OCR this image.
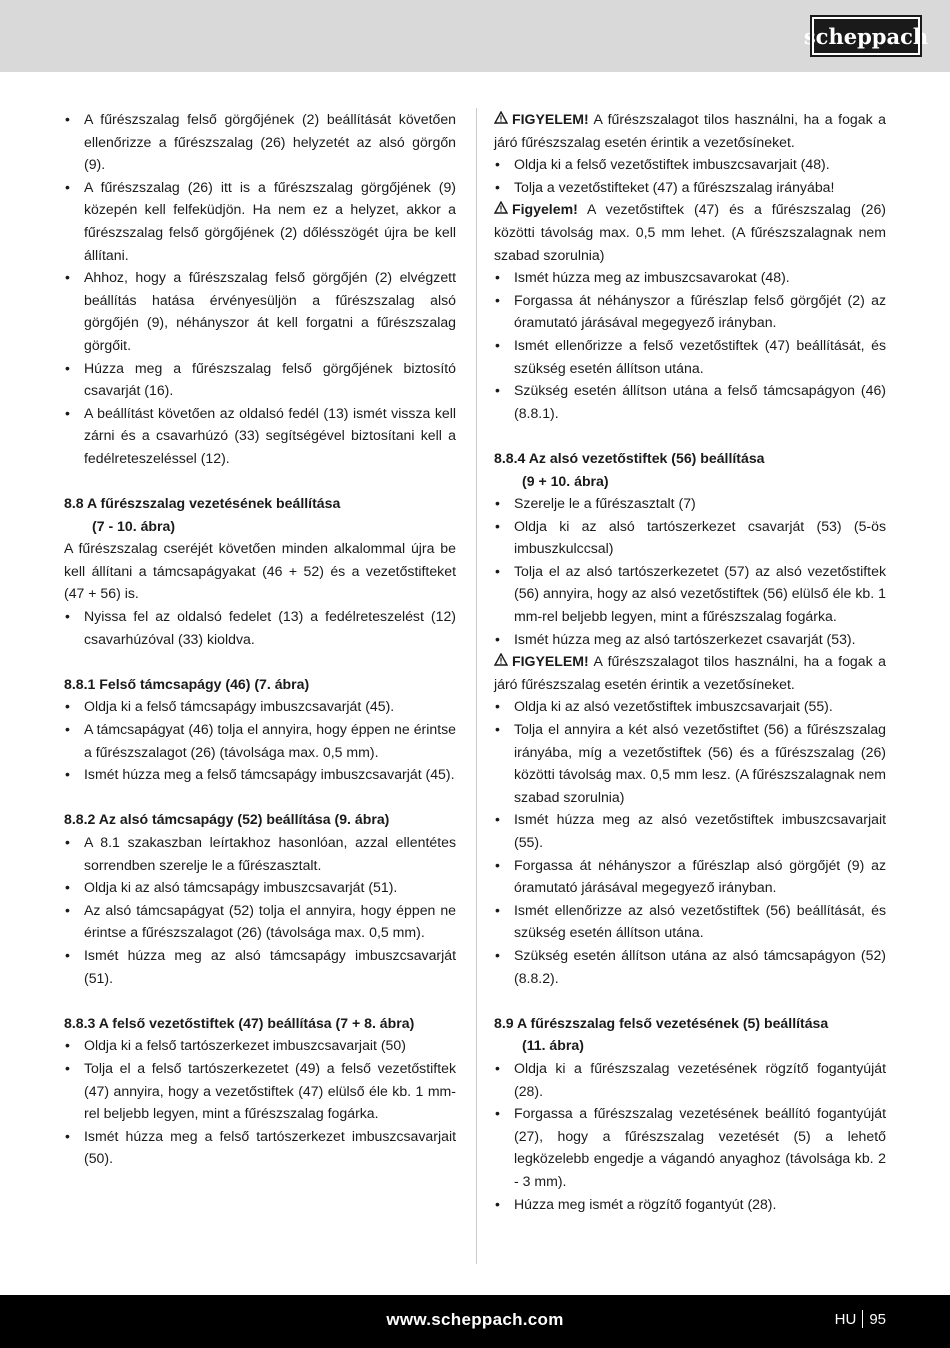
scheppach
• A fűrészszalag felső görgőjének (2) beállítását követően ellenőrizze a fűrészszalag (26) helyzetét az alsó görgőn (9).
• A fűrészszalag (26) itt is a fűrészszalag görgőjének (9) közepén kell felfeküdjön. Ha nem ez a helyzet, akkor a fűrészszalag felső görgőjének (2) dőlésszögét újra be kell állítani.
• Ahhoz, hogy a fűrészszalag felső görgőjén (2) elvégzett beállítás hatása érvényesüljön a fűrészszalag alsó görgőjén (9), néhányszor át kell forgatni a fűrészszalag görgőit.
• Húzza meg a fűrészszalag felső görgőjének biztosító csavarját (16).
• A beállítást követően az oldalsó fedél (13) ismét vissza kell zárni és a csavarhúzó (33) segítségével biztosítani kell a fedélreteszeléssel (12).
8.8 A fűrészszalag vezetésének beállítása
(7 - 10. ábra)

A fűrészszalag cseréjét követően minden alkalommal újra be kell állítani a támcsapágyakat (46 + 52) és a vezetőstifteket (47 + 56) is.

• Nyissa fel az oldalsó fedelet (13) a fedélreteszelést (12) csavarhúzóval (33) kioldva.
8.8.1 Felső támcsapágy (46) (7. ábra)
• Oldja ki a felső támcsapágy imbuszcsavarját (45).
• A támcsapágyat (46) tolja el annyira, hogy éppen ne érintse a fűrészszalagot (26) (távolsága max. 0,5 mm).
• Ismét húzza meg a felső támcsapágy imbuszcsavarját (45).
8.8.2 Az alsó támcsapágy (52) beállítása (9. ábra)
• A 8.1 szakaszban leírtakhoz hasonlóan, azzal ellentétes sorrendben szerelje le a fűrészasztalt.
• Oldja ki az alsó támcsapágy imbuszcsavarját (51).
• Az alsó támcsapágyat (52) tolja el annyira, hogy éppen ne érintse a fűrészszalagot (26) (távolsága max. 0,5 mm).
• Ismét húzza meg az alsó támcsapágy imbuszcsavarját (51).
8.8.3 A felső vezetőstiftek (47) beállítása (7 + 8. ábra)
• Oldja ki a felső tartószerkezet imbuszcsavarjait (50)
• Tolja el a felső tartószerkezetet (49) a felső vezetőstiftek (47) annyira, hogy a vezetőstiftek (47) elülső éle kb. 1 mm-rel beljebb legyen, mint a fűrészszalag fogárka.
• Ismét húzza meg a felső tartószerkezet imbuszcsavarjait (50).

FIGYELEM! A fűrészszalagot tilos használni, ha a fogak a járó fűrészszalag esetén érintik a vezetősíneket.

• Oldja ki a felső vezetőstiftek imbuszcsavarjait (48).
• Tolja a vezetőstifteket (47) a fűrészszalag irányába!

Figyelem! A vezetőstiftek (47) és a fűrészszalag (26) közötti távolság max. 0,5 mm lehet. (A fűrészszalagnak nem szabad szorulnia)

• Ismét húzza meg az imbuszcsavarokat (48).
• Forgassa át néhányszor a fűrészlap felső görgőjét (2) az óramutató járásával megegyező irányban.
• Ismét ellenőrizze a felső vezetőstiftek (47) beállítását, és szükség esetén állítson utána.
• Szükség esetén állítson utána a felső támcsapágyon (46) (8.8.1).
8.8.4 Az alsó vezetőstiftek (56) beállítása
(9 + 10. ábra)
• Szerelje le a fűrészasztalt (7)
• Oldja ki az alsó tartószerkezet csavarját (53) (5-ös imbuszkulccsal)
• Tolja el az alsó tartószerkezetet (57) az alsó vezetőstiftek (56) annyira, hogy az alsó vezetőstiftek (56) elülső éle kb. 1 mm-rel beljebb legyen, mint a fűrészszalag fogárka.
• Ismét húzza meg az alsó tartószerkezet csavarját (53).

FIGYELEM! A fűrészszalagot tilos használni, ha a fogak a járó fűrészszalag esetén érintik a vezetősíneket.

• Oldja ki az alsó vezetőstiftek imbuszcsavarjait (55).
• Tolja el annyira a két alsó vezetőstiftet (56) a fűrészszalag irányába, míg a vezetőstiftek (56) és a fűrészszalag (26) közötti távolság max. 0,5 mm lesz. (A fűrészszalagnak nem szabad szorulnia)
• Ismét húzza meg az alsó vezetőstiftek imbuszcsavarjait (55).
• Forgassa át néhányszor a fűrészlap alsó görgőjét (9) az óramutató járásával megegyező irányban.
• Ismét ellenőrizze az alsó vezetőstiftek (56) beállítását, és szükség esetén állítson utána.
• Szükség esetén állítson utána az alsó támcsapágyon (52) (8.8.2).
8.9 A fűrészszalag felső vezetésének (5) beállítása
(11. ábra)
• Oldja ki a fűrészszalag vezetésének rögzítő fogantyúját (28).
• Forgassa a fűrészszalag vezetésének beállító fogantyúját (27), hogy a fűrészszalag vezetését (5) a lehető legközelebb engedje a vágandó anyaghoz (távolsága kb. 2 - 3 mm).
• Húzza meg ismét a rögzítő fogantyút (28).
www.scheppach.com	HU 95
